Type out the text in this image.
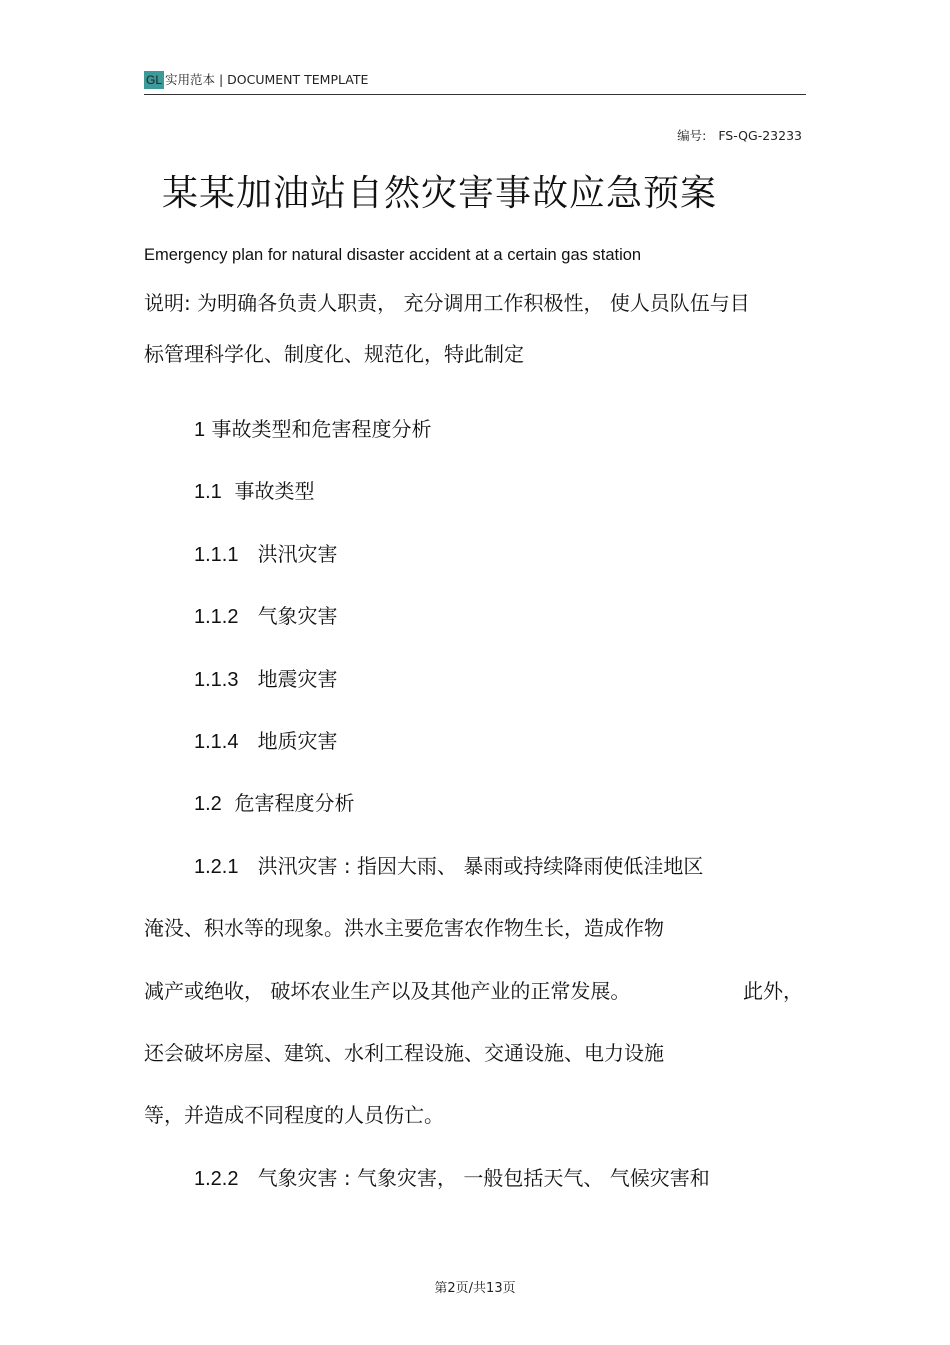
GL 实用范本 | DOCUMENT TEMPLATE
编号: FS-QG-23233
某某加油站自然灾害事故应急预案
Emergency plan for natural disaster accident at a certain gas station
说明: 为明确各负责人职责， 充分调用工作积极性， 使人员队伍与目
标管理科学化、制度化、规范化，特此制定
1 事故类型和危害程度分析
1.1 事故类型
1.1.1 洪汛灾害
1.1.2 气象灾害
1.1.3 地震灾害
1.1.4 地质灾害
1.2 危害程度分析
1.2.1 洪汛灾害 : 指因大雨、 暴雨或持续降雨使低洼地区
淹没、积水等的现象。洪水主要危害农作物生长，造成作物
减产或绝收， 破坏农业生产以及其他产业的正常发展。	此外，
还会破坏房屋、建筑、水利工程设施、交通设施、电力设施
等，并造成不同程度的人员伤亡。
1.2.2 气象灾害 : 气象灾害， 一般包括天气、 气候灾害和
第2页/共13页
